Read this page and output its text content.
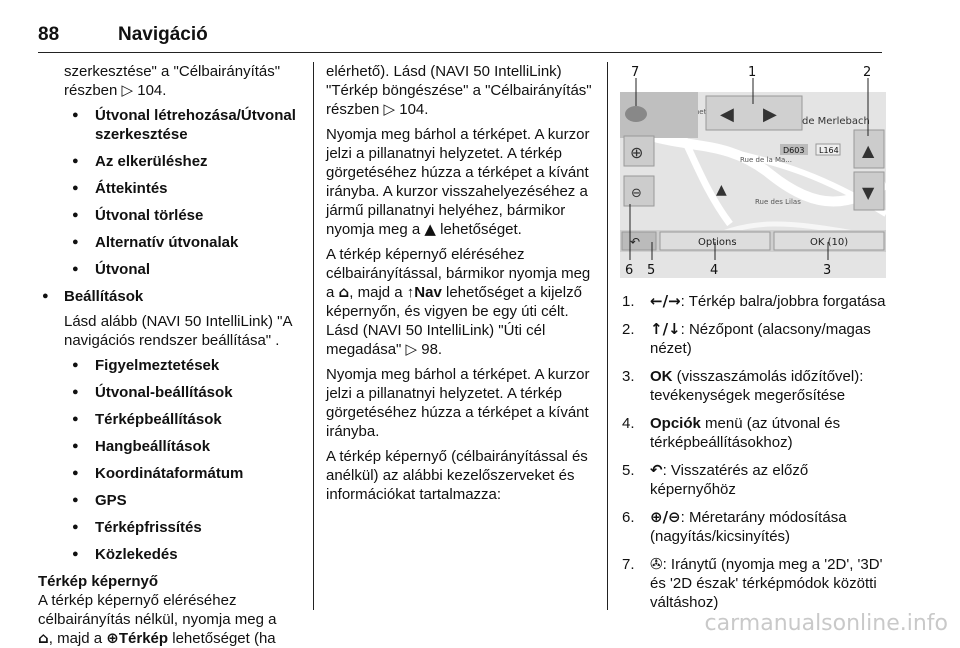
88	Navigáció

szerkesztése" a "Célbairányítás" részben ▷ 104.

● Útvonal létrehozása/Útvonal szerkesztése
● Az elkerüléshez
● Áttekintés
● Útvonal törlése
● Alternatív útvonalak
● Útvonal
● Beállítások

Lásd alább (NAVI 50 IntelliLink) "A navigációs rendszer beállítása" .

● Figyelmeztetések
● Útvonal-beállítások
● Térképbeállítások
● Hangbeállítások
● Koordinátaformátum
● GPS
● Térképfrissítés
● Közlekedés
Térkép képernyő
A térkép képernyő eléréséhez célbairányítás nélkül, nyomja meg a
⌂, majd a ⊕Térkép lehetőséget (ha

elérhető). Lásd (NAVI 50 IntelliLink) "Térkép böngészése" a "Célbairányítás" részben ▷ 104.

Nyomja meg bárhol a térképet. A kurzor jelzi a pillanatnyi helyzetet. A térkép görgetéséhez húzza a térképet a kívánt irányba. A kurzor visszahelyezéséhez a jármű pillanatnyi helyéhez, bármikor nyomja meg a ▲ lehetőséget.

A térkép képernyő eléréséhez célbairányítással, bármikor nyomja meg a ⌂, majd a ↑Nav lehetőséget a kijelző képernyőn, és vigyen be egy úti célt. Lásd (NAVI 50 IntelliLink) "Úti cél megadása" ▷ 98.

Nyomja meg bárhol a térképet. A kurzor jelzi a pillanatnyi helyzetet. A térkép görgetéséhez húzza a térképet a kívánt irányba.

A térkép képernyő (célbairányítással és anélkül) az alábbi kezelőszerveket és információkat tartalmazza:

Rue de la Ma...
Rue des Lilas
D603 L164
◀ ▶	de Merlebach
⊕
⊖
▲
▼
▲
↶	Options	OK (10)
7	1	2
6 5	4	3
1.	←/→: Térkép balra/jobbra forgatása
2.	↑/↓: Nézőpont (alacsony/magas nézet)
3.	OK (visszaszámolás időzítővel): tevékenységek megerősítése
4.	Opciók menü (az útvonal és térképbeállításokhoz)
5.	↶: Visszatérés az előző képernyőhöz
6.	⊕/⊖: Méretarány módosítása (nagyítás/kicsinyítés)
7.	✇: Iránytű (nyomja meg a '2D', '3D' és '2D észak' térképmódok közötti váltáshoz)
carmanualsonline.info
